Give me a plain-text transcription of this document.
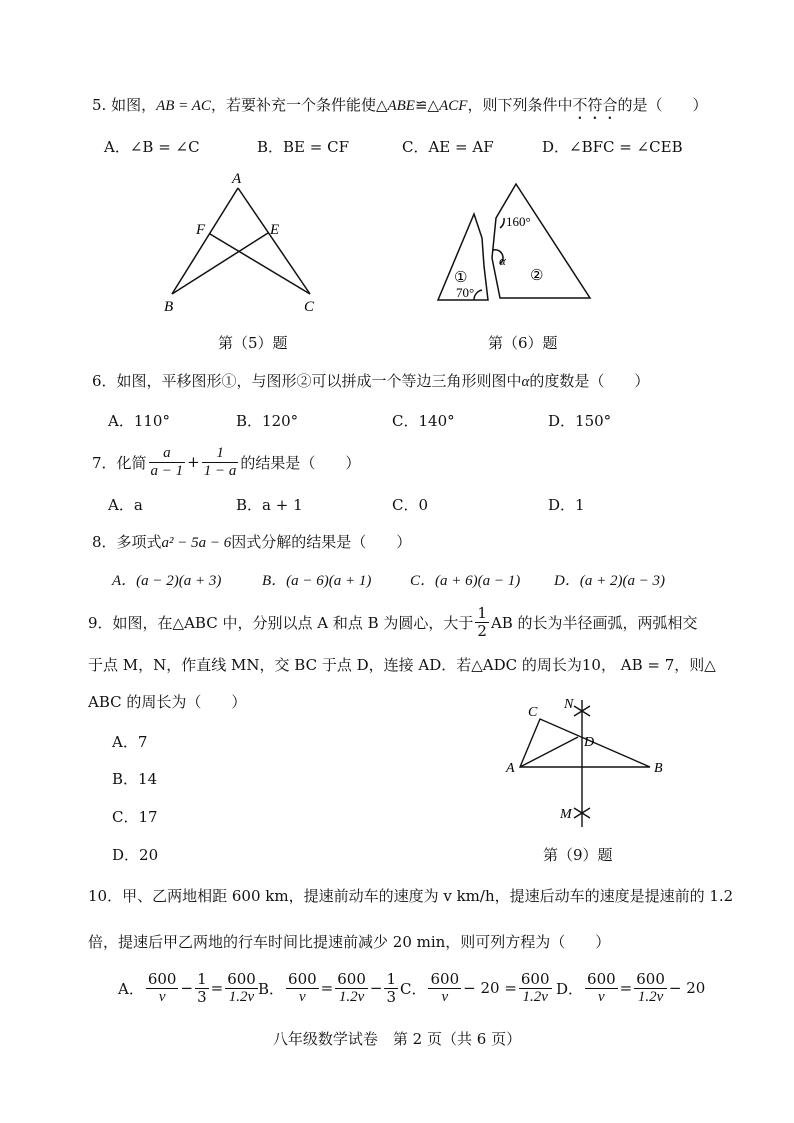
5. 如图，AB = AC，若要补充一个条件能使△ABE≌△ACF，则下列条件中不符合的是（　　）
A．∠B = ∠C	B．BE = CF	C．AE = AF	D．∠BFC = ∠CEB
A
F	E
B	C
第（5）题
160°
α
①	②
70°
第（6）题
6．如图，平移图形①，与图形②可以拼成一个等边三角形则图中α的度数是（　　）
A．110°	B．120°	C．140°	D．150°
7．化简 $\frac{a}{a - 1} + \frac{1}{1 - a}$ 的结果是（　　）
A．a	B．a + 1	C．0	D．1
8．多项式a² − 5a − 6因式分解的结果是（　　）
A．(a − 2)(a + 3)	B．(a − 6)(a + 1)	C．(a + 6)(a − 1) D．(a + 2)(a − 3)
9．如图，在△ABC 中，分别以点 A 和点 B 为圆心，大于 $\frac{1}{2}$ AB 的长为半径画弧，两弧相交
于点 M，N，作直线 MN，交 BC 于点 D，连接 AD．若△ADC 的周长为10， AB = 7，则△
ABC 的周长为（　　）
A．7
B．14
C．17
D．20
C
N
D
A	B
M
第（9）题
10．甲、乙两地相距 600 km，提速前动车的速度为 v km/h，提速后动车的速度是提速前的 1.2
倍，提速后甲乙两地的行车时间比提速前减少 20 min，则可列方程为（　　）
A． $\frac{600}{v} - \frac{1}{3} = \frac{600}{1.2v}$ B． $\frac{600}{v} = \frac{600}{1.2v} - \frac{1}{3}$ C． $\frac{600}{v} - 20 = \frac{600}{1.2v}$ D． $\frac{600}{v} = \frac{600}{1.2v} - 20$
八年级数学试卷　第 2 页（共 6 页）
